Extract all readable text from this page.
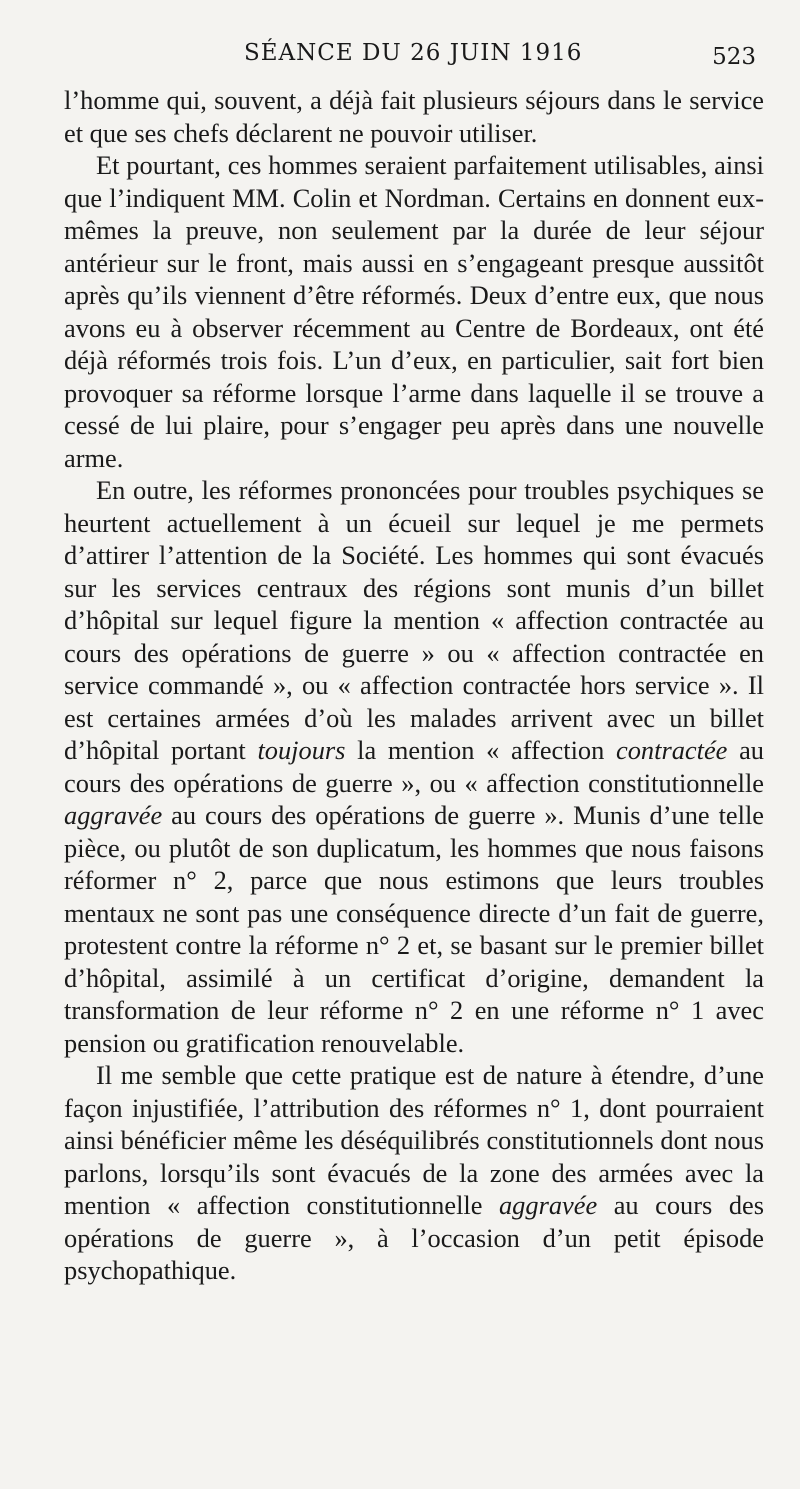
SÉANCE DU 26 JUIN 1916	523

l’homme qui, souvent, a déjà fait plusieurs séjours dans le service et que ses chefs déclarent ne pouvoir utiliser.

Et pourtant, ces hommes seraient parfaitement utilisables, ainsi que l’indiquent MM. Colin et Nordman. Certains en donnent eux-mêmes la preuve, non seulement par la durée de leur séjour antérieur sur le front, mais aussi en s’engageant presque aussitôt après qu’ils viennent d’être réformés. Deux d’entre eux, que nous avons eu à observer récemment au Centre de Bordeaux, ont été déjà réformés trois fois. L’un d’eux, en particulier, sait fort bien provoquer sa réforme lorsque l’arme dans laquelle il se trouve a cessé de lui plaire, pour s’engager peu après dans une nouvelle arme.

En outre, les réformes prononcées pour troubles psychiques se heurtent actuellement à un écueil sur lequel je me permets d’attirer l’attention de la Société. Les hommes qui sont évacués sur les services centraux des régions sont munis d’un billet d’hôpital sur lequel figure la mention « affection contractée au cours des opérations de guerre » ou « affection contractée en service commandé », ou « affection contractée hors service ». Il est certaines armées d’où les malades arrivent avec un billet d’hôpital portant toujours la mention « affection contractée au cours des opérations de guerre », ou « affection constitutionnelle aggravée au cours des opérations de guerre ». Munis d’une telle pièce, ou plutôt de son duplicatum, les hommes que nous faisons réformer n° 2, parce que nous estimons que leurs troubles mentaux ne sont pas une conséquence directe d’un fait de guerre, protestent contre la réforme n° 2 et, se basant sur le premier billet d’hôpital, assimilé à un certificat d’origine, demandent la transformation de leur réforme n° 2 en une réforme n° 1 avec pension ou gratification renouvelable.

Il me semble que cette pratique est de nature à étendre, d’une façon injustifiée, l’attribution des réformes n° 1, dont pourraient ainsi bénéficier même les déséquilibrés constitutionnels dont nous parlons, lorsqu’ils sont évacués de la zone des armées avec la mention « affection constitutionnelle aggravée au cours des opérations de guerre », à l’occasion d’un petit épisode psychopathique.
